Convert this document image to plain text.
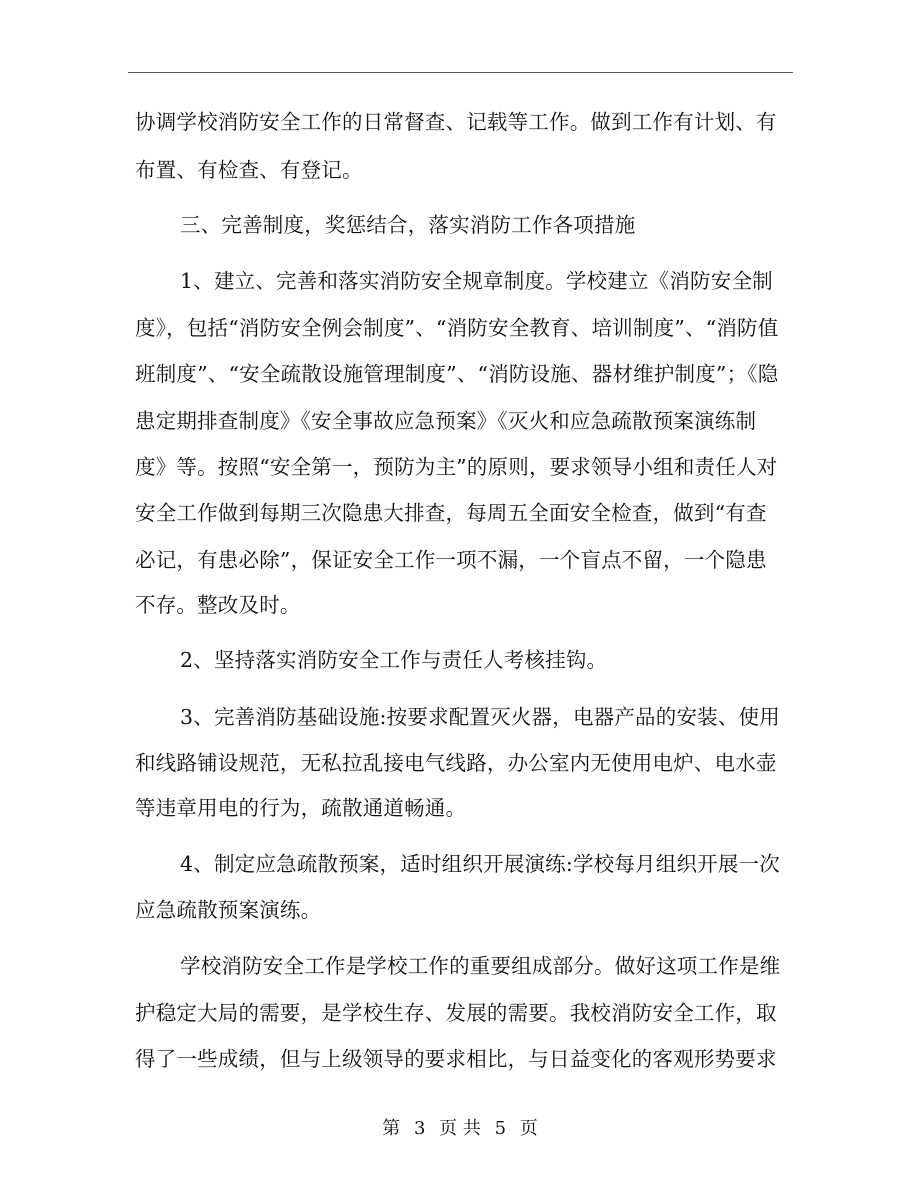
协调学校消防安全工作的日常督查、记载等工作。做到工作有计划、有
布置、有检查、有登记。
三、完善制度，奖惩结合，落实消防工作各项措施
1、建立、完善和落实消防安全规章制度。学校建立《消防安全制
度》，包括“消防安全例会制度”、“消防安全教育、培训制度”、“消防值
班制度”、“安全疏散设施管理制度”、“消防设施、器材维护制度”；《隐
患定期排查制度》《安全事故应急预案》《灭火和应急疏散预案演练制
度》等。按照“安全第一，预防为主”的原则，要求领导小组和责任人对
安全工作做到每期三次隐患大排查，每周五全面安全检查，做到“有查
必记，有患必除”，保证安全工作一项不漏，一个盲点不留，一个隐患
不存。整改及时。
2、坚持落实消防安全工作与责任人考核挂钩。
3、完善消防基础设施:按要求配置灭火器，电器产品的安装、使用
和线路铺设规范，无私拉乱接电气线路，办公室内无使用电炉、电水壶
等违章用电的行为，疏散通道畅通。
4、制定应急疏散预案，适时组织开展演练:学校每月组织开展一次
应急疏散预案演练。
学校消防安全工作是学校工作的重要组成部分。做好这项工作是维
护稳定大局的需要，是学校生存、发展的需要。我校消防安全工作，取
得了一些成绩，但与上级领导的要求相比，与日益变化的客观形势要求
第 3 页 共 5 页
